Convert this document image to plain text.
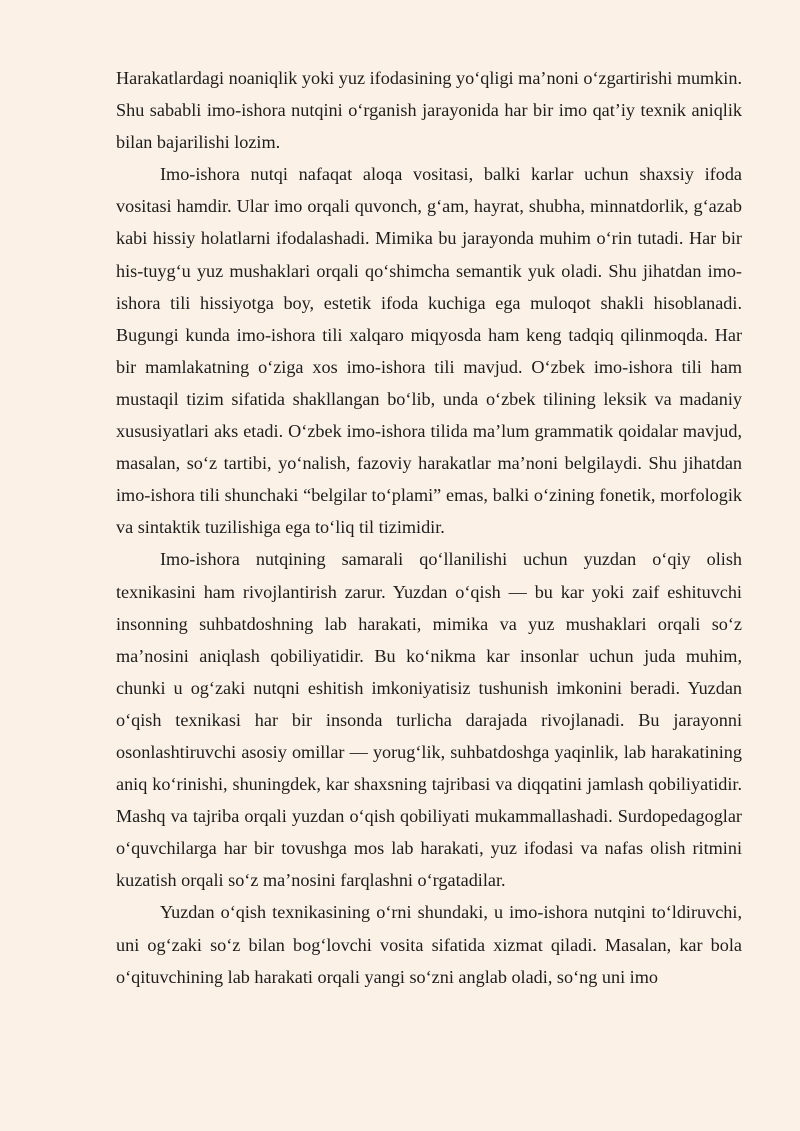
Harakatlardagi noaniqlik yoki yuz ifodasining yo‘qligi ma’noni o‘zgartirishi mumkin. Shu sababli imo-ishora nutqini o‘rganish jarayonida har bir imo qat’iy texnik aniqlik bilan bajarilishi lozim.

Imo-ishora nutqi nafaqat aloqa vositasi, balki karlar uchun shaxsiy ifoda vositasi hamdir. Ular imo orqali quvonch, g‘am, hayrat, shubha, minnatdorlik, g‘azab kabi hissiy holatlarni ifodalashadi. Mimika bu jarayonda muhim o‘rin tutadi. Har bir his-tuyg‘u yuz mushaklari orqali qo‘shimcha semantik yuk oladi. Shu jihatdan imo-ishora tili hissiyotga boy, estetik ifoda kuchiga ega muloqot shakli hisoblanadi. Bugungi kunda imo-ishora tili xalqaro miqyosda ham keng tadqiq qilinmoqda. Har bir mamlakatning o‘ziga xos imo-ishora tili mavjud. O‘zbek imo-ishora tili ham mustaqil tizim sifatida shakllangan bo‘lib, unda o‘zbek tilining leksik va madaniy xususiyatlari aks etadi. O‘zbek imo-ishora tilida ma’lum grammatik qoidalar mavjud, masalan, so‘z tartibi, yo‘nalish, fazoviy harakatlar ma’noni belgilaydi. Shu jihatdan imo-ishora tili shunchaki “belgilar to‘plami” emas, balki o‘zining fonetik, morfologik va sintaktik tuzilishiga ega to‘liq til tizimidir.

Imo-ishora nutqining samarali qo‘llanilishi uchun yuzdan o‘qiy olish texnikasini ham rivojlantirish zarur. Yuzdan o‘qish — bu kar yoki zaif eshituvchi insonning suhbatdoshning lab harakati, mimika va yuz mushaklari orqali so‘z ma’nosini aniqlash qobiliyatidir. Bu ko‘nikma kar insonlar uchun juda muhim, chunki u og‘zaki nutqni eshitish imkoniyatisiz tushunish imkonini beradi. Yuzdan o‘qish texnikasi har bir insonda turlicha darajada rivojlanadi. Bu jarayonni osonlashtiruvchi asosiy omillar — yorug‘lik, suhbatdoshga yaqinlik, lab harakatining aniq ko‘rinishi, shuningdek, kar shaxsning tajribasi va diqqatini jamlash qobiliyatidir. Mashq va tajriba orqali yuzdan o‘qish qobiliyati mukammallashadi. Surdopedagoglar o‘quvchilarga har bir tovushga mos lab harakati, yuz ifodasi va nafas olish ritmini kuzatish orqali so‘z ma’nosini farqlashni o‘rgatadilar.

Yuzdan o‘qish texnikasining o‘rni shundaki, u imo-ishora nutqini to‘ldiruvchi, uni og‘zaki so‘z bilan bog‘lovchi vosita sifatida xizmat qiladi. Masalan, kar bola o‘qituvchining lab harakati orqali yangi so‘zni anglab oladi, so‘ng uni imo
